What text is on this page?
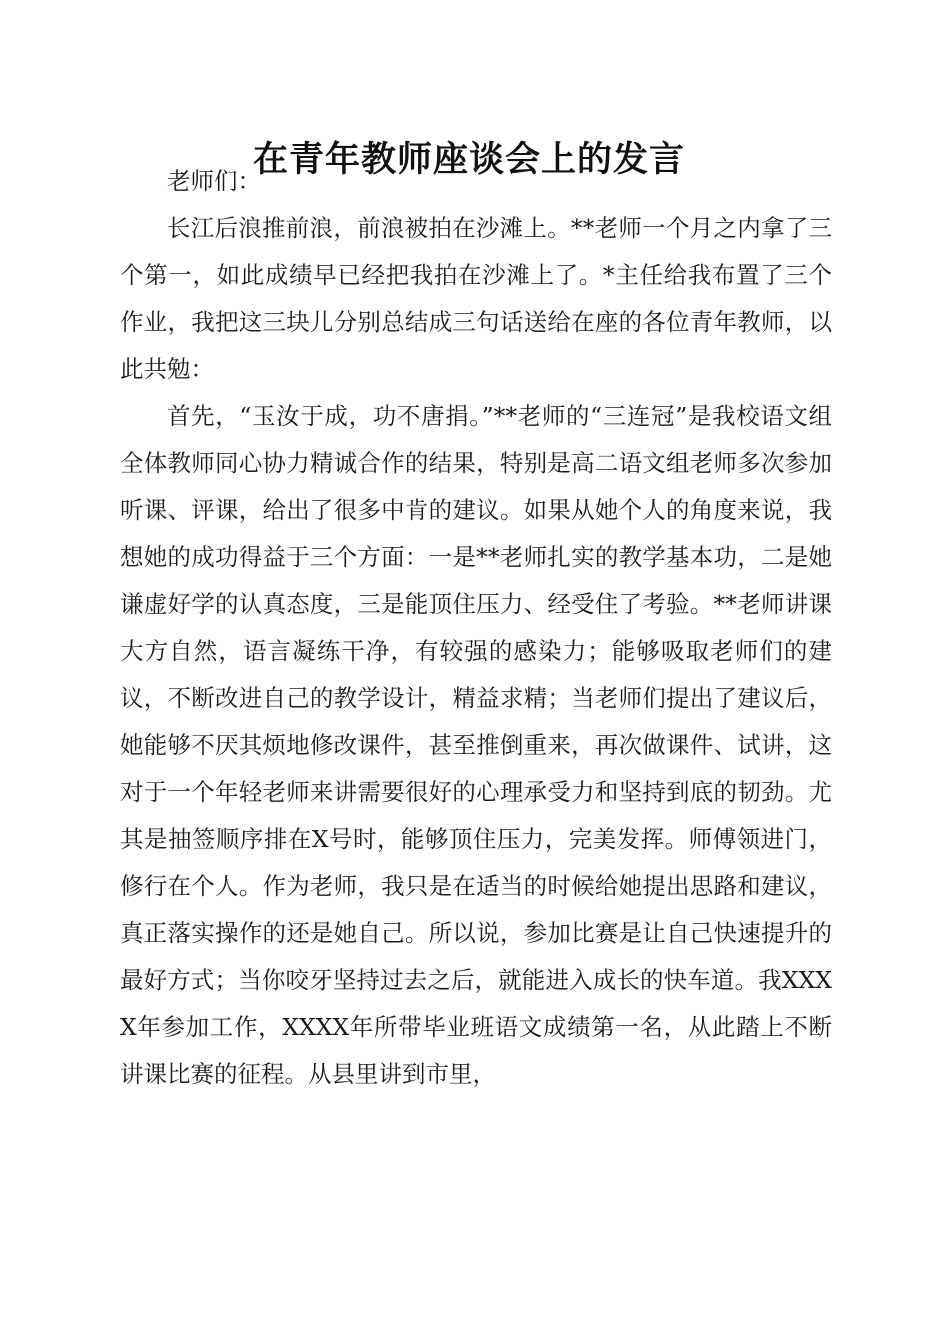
在青年教师座谈会上的发言

老师们：

长江后浪推前浪，前浪被拍在沙滩上。**老师一个月之内拿了三个第一，如此成绩早已经把我拍在沙滩上了。*主任给我布置了三个作业，我把这三块儿分别总结成三句话送给在座的各位青年教师，以此共勉：

首先，“玉汝于成，功不唐捐。”**老师的“三连冠”是我校语文组全体教师同心协力精诚合作的结果，特别是高二语文组老师多次参加听课、评课，给出了很多中肯的建议。如果从她个人的角度来说，我想她的成功得益于三个方面：一是**老师扎实的教学基本功，二是她谦虚好学的认真态度，三是能顶住压力、经受住了考验。**老师讲课大方自然，语言凝练干净，有较强的感染力；能够吸取老师们的建议，不断改进自己的教学设计，精益求精；当老师们提出了建议后，她能够不厌其烦地修改课件，甚至推倒重来，再次做课件、试讲，这对于一个年轻老师来讲需要很好的心理承受力和坚持到底的韧劲。尤其是抽签顺序排在X号时，能够顶住压力，完美发挥。师傅领进门，修行在个人。作为老师，我只是在适当的时候给她提出思路和建议，真正落实操作的还是她自己。所以说，参加比赛是让自己快速提升的最好方式；当你咬牙坚持过去之后，就能进入成长的快车道。我XXXX年参加工作，XXXX年所带毕业班语文成绩第一名，从此踏上不断讲课比赛的征程。从县里讲到市里，
